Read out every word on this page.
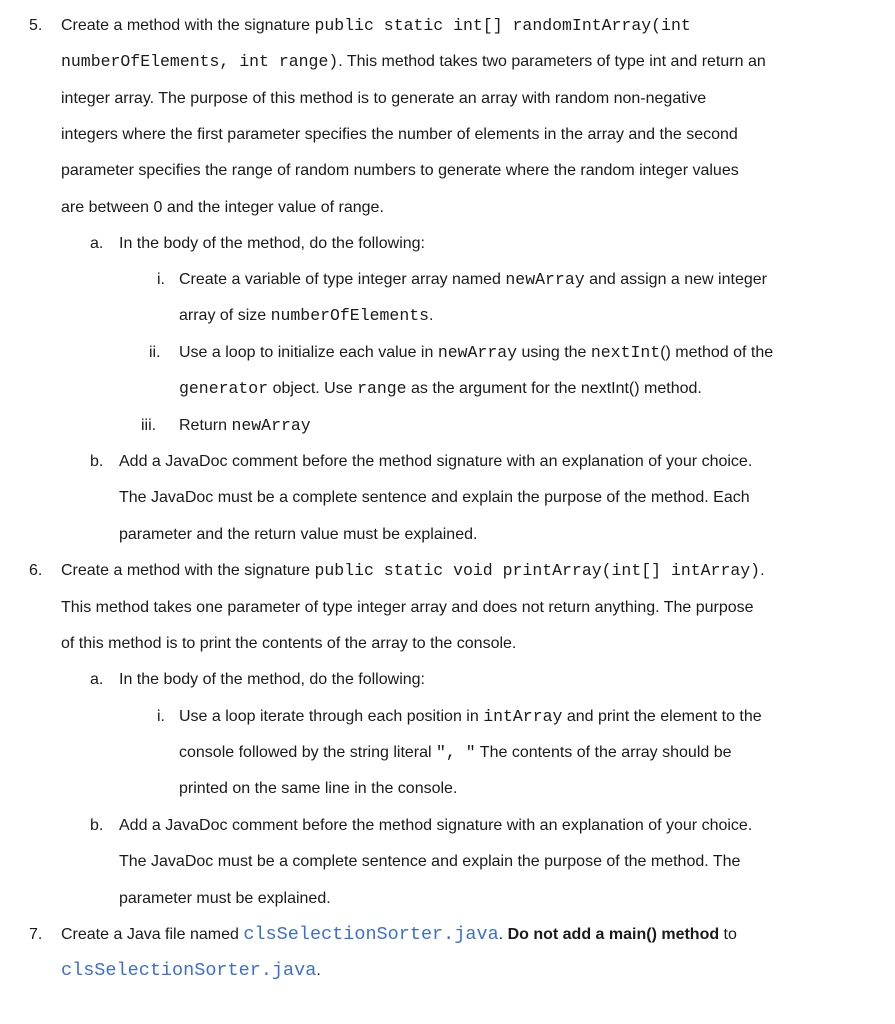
5. Create a method with the signature public static int[] randomIntArray(int
numberOfElements, int range). This method takes two parameters of type int and return an
integer array. The purpose of this method is to generate an array with random non-negative
integers where the first parameter specifies the number of elements in the array and the second
parameter specifies the range of random numbers to generate where the random integer values
are between 0 and the integer value of range.
a. In the body of the method, do the following:
i. Create a variable of type integer array named newArray and assign a new integer
array of size numberOfElements.
ii. Use a loop to initialize each value in newArray using the nextInt() method of the
generator object. Use range as the argument for the nextInt() method.
iii. Return newArray
b. Add a JavaDoc comment before the method signature with an explanation of your choice.
The JavaDoc must be a complete sentence and explain the purpose of the method. Each
parameter and the return value must be explained.
6. Create a method with the signature public static void printArray(int[] intArray).
This method takes one parameter of type integer array and does not return anything. The purpose
of this method is to print the contents of the array to the console.
a. In the body of the method, do the following:
i. Use a loop iterate through each position in intArray and print the element to the
console followed by the string literal ", " The contents of the array should be
printed on the same line in the console.
b. Add a JavaDoc comment before the method signature with an explanation of your choice.
The JavaDoc must be a complete sentence and explain the purpose of the method. The
parameter must be explained.
7. Create a Java file named clsSelectionSorter.java. Do not add a main() method to
clsSelectionSorter.java.
